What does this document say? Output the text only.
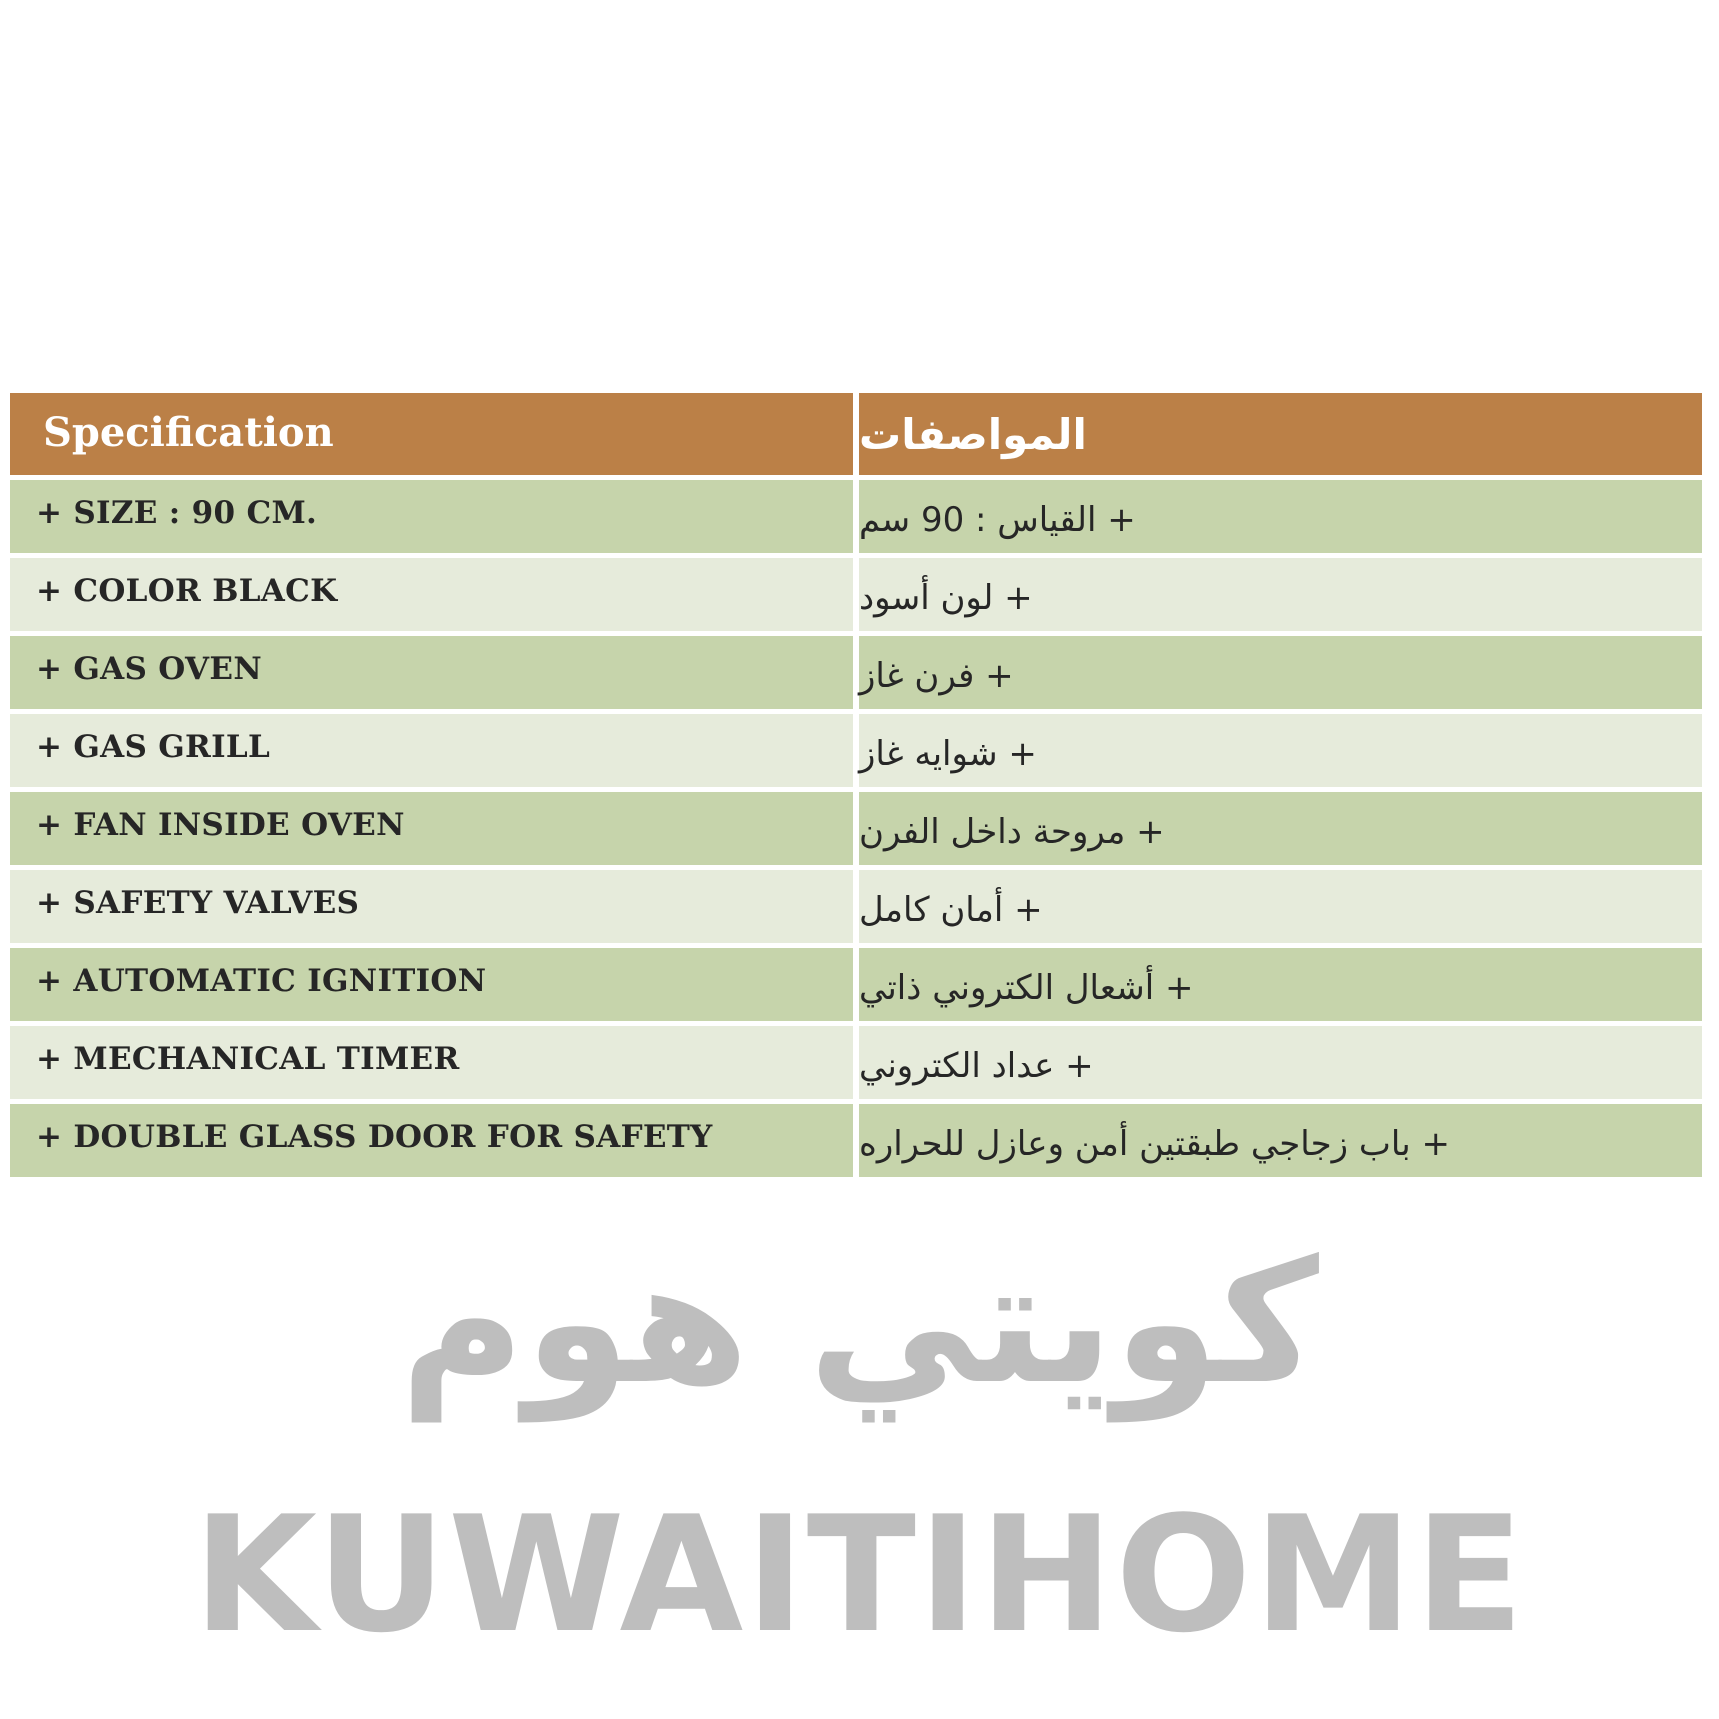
Specification	المواصفات
+ SIZE : 90 CM.	+ القياس : 90 سم
+ COLOR BLACK	+ لون أسود
+ GAS OVEN	+ فرن غاز
+ GAS GRILL	+ شوايه غاز
+ FAN INSIDE OVEN	+ مروحة داخل الفرن
+ SAFETY VALVES	+ أمان كامل
+ AUTOMATIC IGNITION	+ أشعال الكتروني ذاتي
+ MECHANICAL TIMER	+ عداد الكتروني
+ DOUBLE GLASS DOOR FOR SAFETY	+ باب زجاجي طبقتين أمن وعازل للحراره
كويتي هوم
KUWAITIHOME
